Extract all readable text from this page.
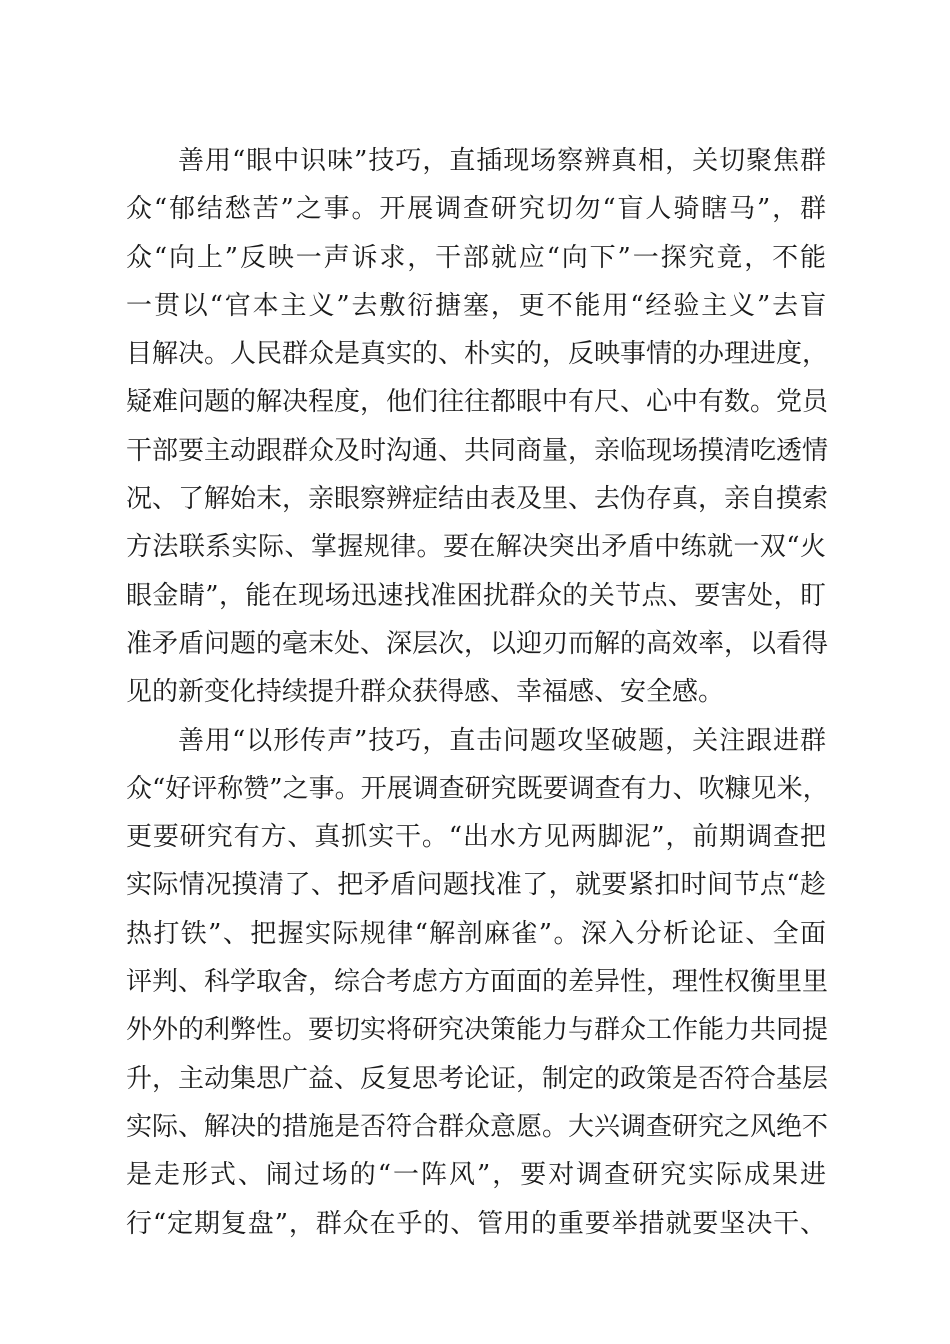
善用“眼中识味”技巧，直插现场察辨真相，关切聚焦群
众“郁结愁苦”之事。开展调查研究切勿“盲人骑瞎马”，群
众“向上”反映一声诉求，干部就应“向下”一探究竟，不能
一贯以“官本主义”去敷衍搪塞，更不能用“经验主义”去盲
目解决。人民群众是真实的、朴实的，反映事情的办理进度，
疑难问题的解决程度，他们往往都眼中有尺、心中有数。党员
干部要主动跟群众及时沟通、共同商量，亲临现场摸清吃透情
况、了解始末，亲眼察辨症结由表及里、去伪存真，亲自摸索
方法联系实际、掌握规律。要在解决突出矛盾中练就一双“火
眼金睛”，能在现场迅速找准困扰群众的关节点、要害处，盯
准矛盾问题的毫末处、深层次，以迎刃而解的高效率，以看得
见的新变化持续提升群众获得感、幸福感、安全感。
善用“以形传声”技巧，直击问题攻坚破题，关注跟进群
众“好评称赞”之事。开展调查研究既要调查有力、吹糠见米，
更要研究有方、真抓实干。“出水方见两脚泥”，前期调查把
实际情况摸清了、把矛盾问题找准了，就要紧扣时间节点“趁
热打铁”、把握实际规律“解剖麻雀”。深入分析论证、全面
评判、科学取舍，综合考虑方方面面的差异性，理性权衡里里
外外的利弊性。要切实将研究决策能力与群众工作能力共同提
升，主动集思广益、反复思考论证，制定的政策是否符合基层
实际、解决的措施是否符合群众意愿。大兴调查研究之风绝不
是走形式、闹过场的“一阵风”，要对调查研究实际成果进
行“定期复盘”，群众在乎的、管用的重要举措就要坚决干、
